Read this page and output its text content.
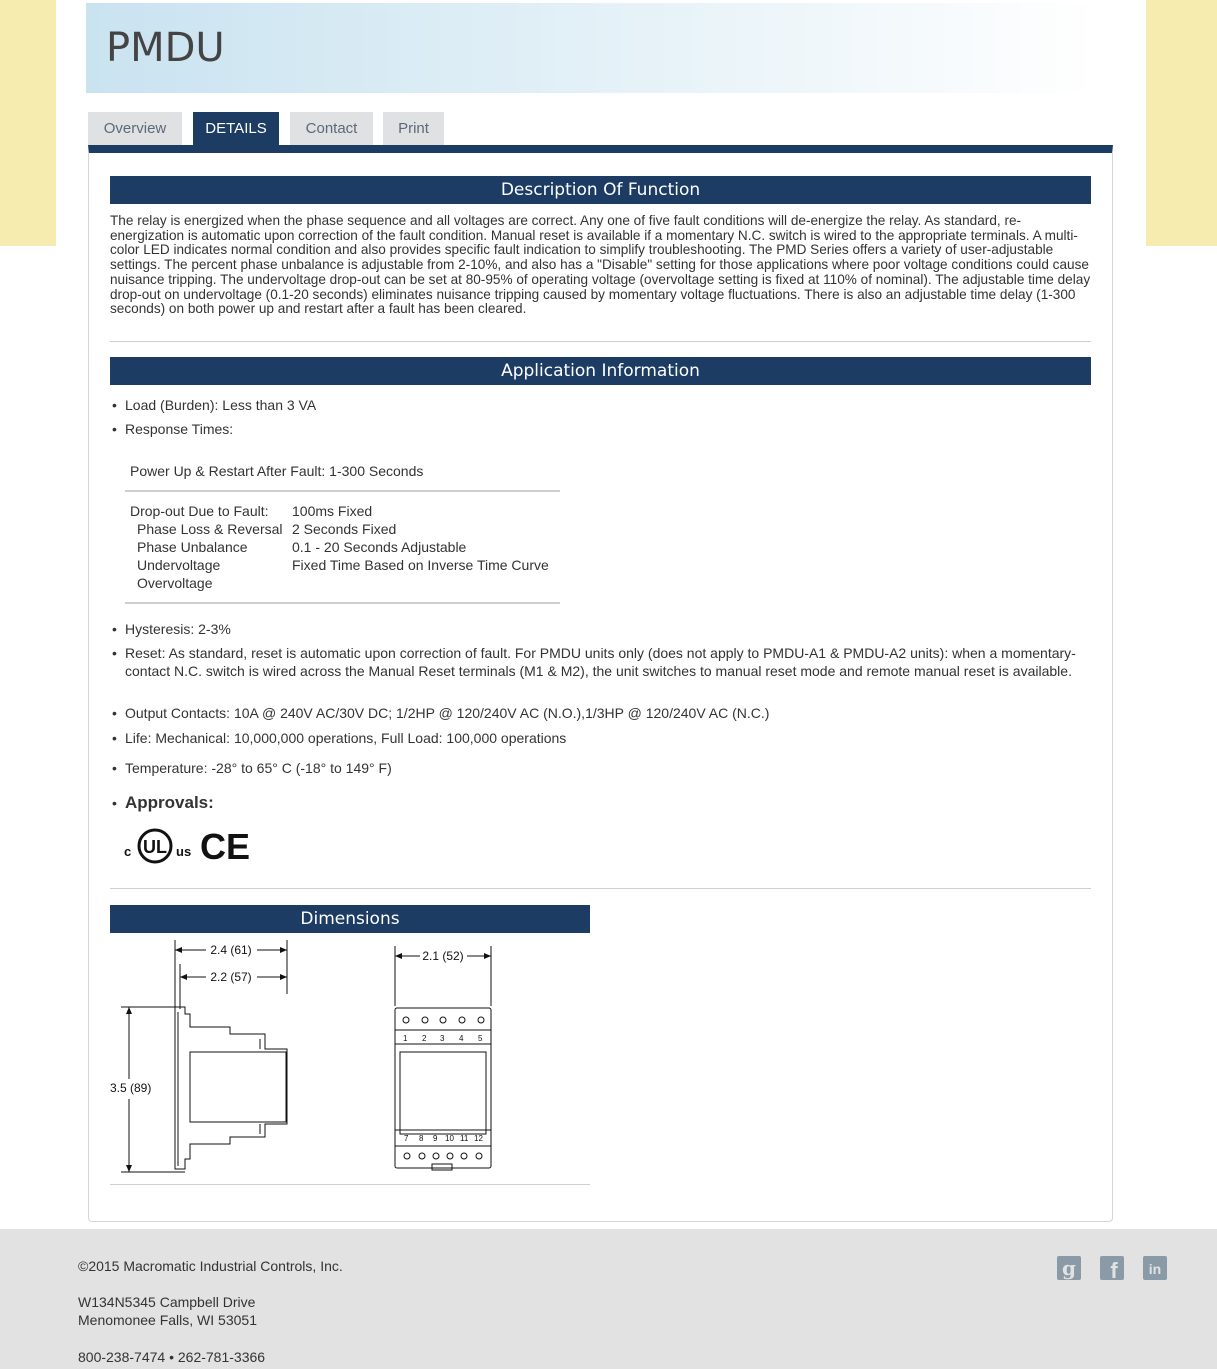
PMDU
Overview	DETAILS	Contact	Print
Description Of Function

The relay is energized when the phase sequence and all voltages are correct. Any one of five fault conditions will de-energize the relay. As standard, re-energization is automatic upon correction of the fault condition. Manual reset is available if a momentary N.C. switch is wired to the appropriate terminals. A multi-color LED indicates normal condition and also provides specific fault indication to simplify troubleshooting. The PMD Series offers a variety of user-adjustable settings. The percent phase unbalance is adjustable from 2-10%, and also has a "Disable" setting for those applications where poor voltage conditions could cause nuisance tripping. The undervoltage drop-out can be set at 80-95% of operating voltage (overvoltage setting is fixed at 110% of nominal). The adjustable time delay drop-out on undervoltage (0.1-20 seconds) eliminates nuisance tripping caused by momentary voltage fluctuations. There is also an adjustable time delay (1-300 seconds) on both power up and restart after a fault has been cleared.

Application Information
• Load (Burden): Less than 3 VA
• Response Times:
Power Up & Restart After Fault: 1-300 Seconds
Drop-out Due to Fault: 100ms Fixed
Phase Loss & Reversal 2 Seconds Fixed
Phase Unbalance	0.1 - 20 Seconds Adjustable
Undervoltage	Fixed Time Based on Inverse Time Curve
Overvoltage
• Hysteresis: 2-3%
• Reset: As standard, reset is automatic upon correction of fault. For PMDU units only (does not apply to PMDU-A1 & PMDU-A2 units): when a momentary-contact N.C. switch is wired across the Manual Reset terminals (M1 & M2), the unit switches to manual reset mode and remote manual reset is available.
• Output Contacts: 10A @ 240V AC/30V DC; 1/2HP @ 120/240V AC (N.O.),1/3HP @ 120/240V AC (N.C.)
• Life: Mechanical: 10,000,000 operations, Full Load: 100,000 operations
• Temperature: -28° to 65° C (-18° to 149° F)
• Approvals:
c UL us CE
Dimensions
2.4 (61)
2.2 (57)
3.5 (89)
2.1 (52)
1 2 3 4 5
7 8 9 10 11 12
©2015 Macromatic Industrial Controls, Inc.
W134N5345 Campbell Drive
Menomonee Falls, WI 53051
800-238-7474 • 262-781-3366
g f in
